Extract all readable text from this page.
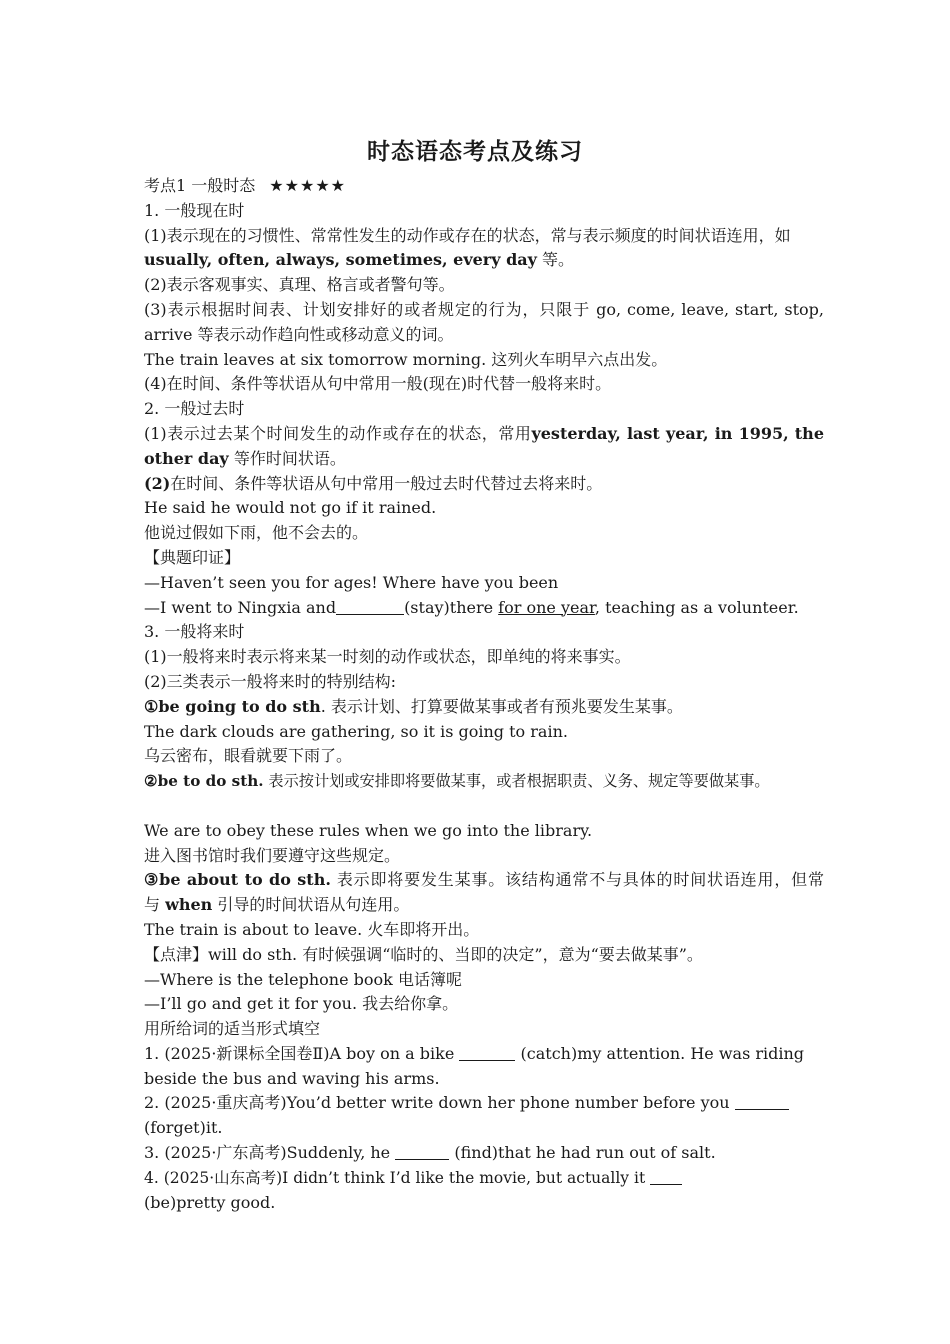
时态语态考点及练习
考点1 一般时态 ★★★★★
1. 一般现在时
(1)表示现在的习惯性、常常性发生的动作或存在的状态，常与表示频度的时间状语连用，如
usually, often, always, sometimes, every day 等。
(2)表示客观事实、真理、格言或者警句等。
(3)表示根据时间表、计划安排好的或者规定的行为，只限于 go, come, leave, start, stop,
arrive 等表示动作趋向性或移动意义的词。
The train leaves at six tomorrow morning. 这列火车明早六点出发。
(4)在时间、条件等状语从句中常用一般(现在)时代替一般将来时。
2. 一般过去时
(1)表示过去某个时间发生的动作或存在的状态，常用yesterday, last year, in 1995, the
other day 等作时间状语。
(2)在时间、条件等状语从句中常用一般过去时代替过去将来时。
He said he would not go if it rained.
他说过假如下雨，他不会去的。
【典题印证】
—Haven’t seen you for ages! Where have you been
—I went to Ningxia and	(stay)there for one year, teaching as a volunteer.
3. 一般将来时
(1)一般将来时表示将来某一时刻的动作或状态，即单纯的将来事实。
(2)三类表示一般将来时的特别结构:
①be going to do sth. 表示计划、打算要做某事或者有预兆要发生某事。
The dark clouds are gathering, so it is going to rain.
乌云密布，眼看就要下雨了。
②be to do sth. 表示按计划或安排即将要做某事，或者根据职责、义务、规定等要做某事。
We are to obey these rules when we go into the library.
进入图书馆时我们要遵守这些规定。
③be about to do sth. 表示即将要发生某事。该结构通常不与具体的时间状语连用，但常
与 when 引导的时间状语从句连用。
The train is about to leave. 火车即将开出。
【点津】will do sth. 有时候强调“临时的、当即的决定”，意为“要去做某事”。
—Where is the telephone book 电话簿呢
—I’ll go and get it for you. 我去给你拿。
用所给词的适当形式填空
1. (2025·新课标全国卷Ⅱ)A boy on a bike	(catch)my attention. He was riding
beside the bus and waving his arms.
2. (2025·重庆高考)You’d better write down her phone number before you
(forget)it.
3. (2025·广东高考)Suddenly, he	(find)that he had run out of salt.
4. (2025·山东高考)I didn’t think I’d like the movie, but actually it
(be)pretty good.
